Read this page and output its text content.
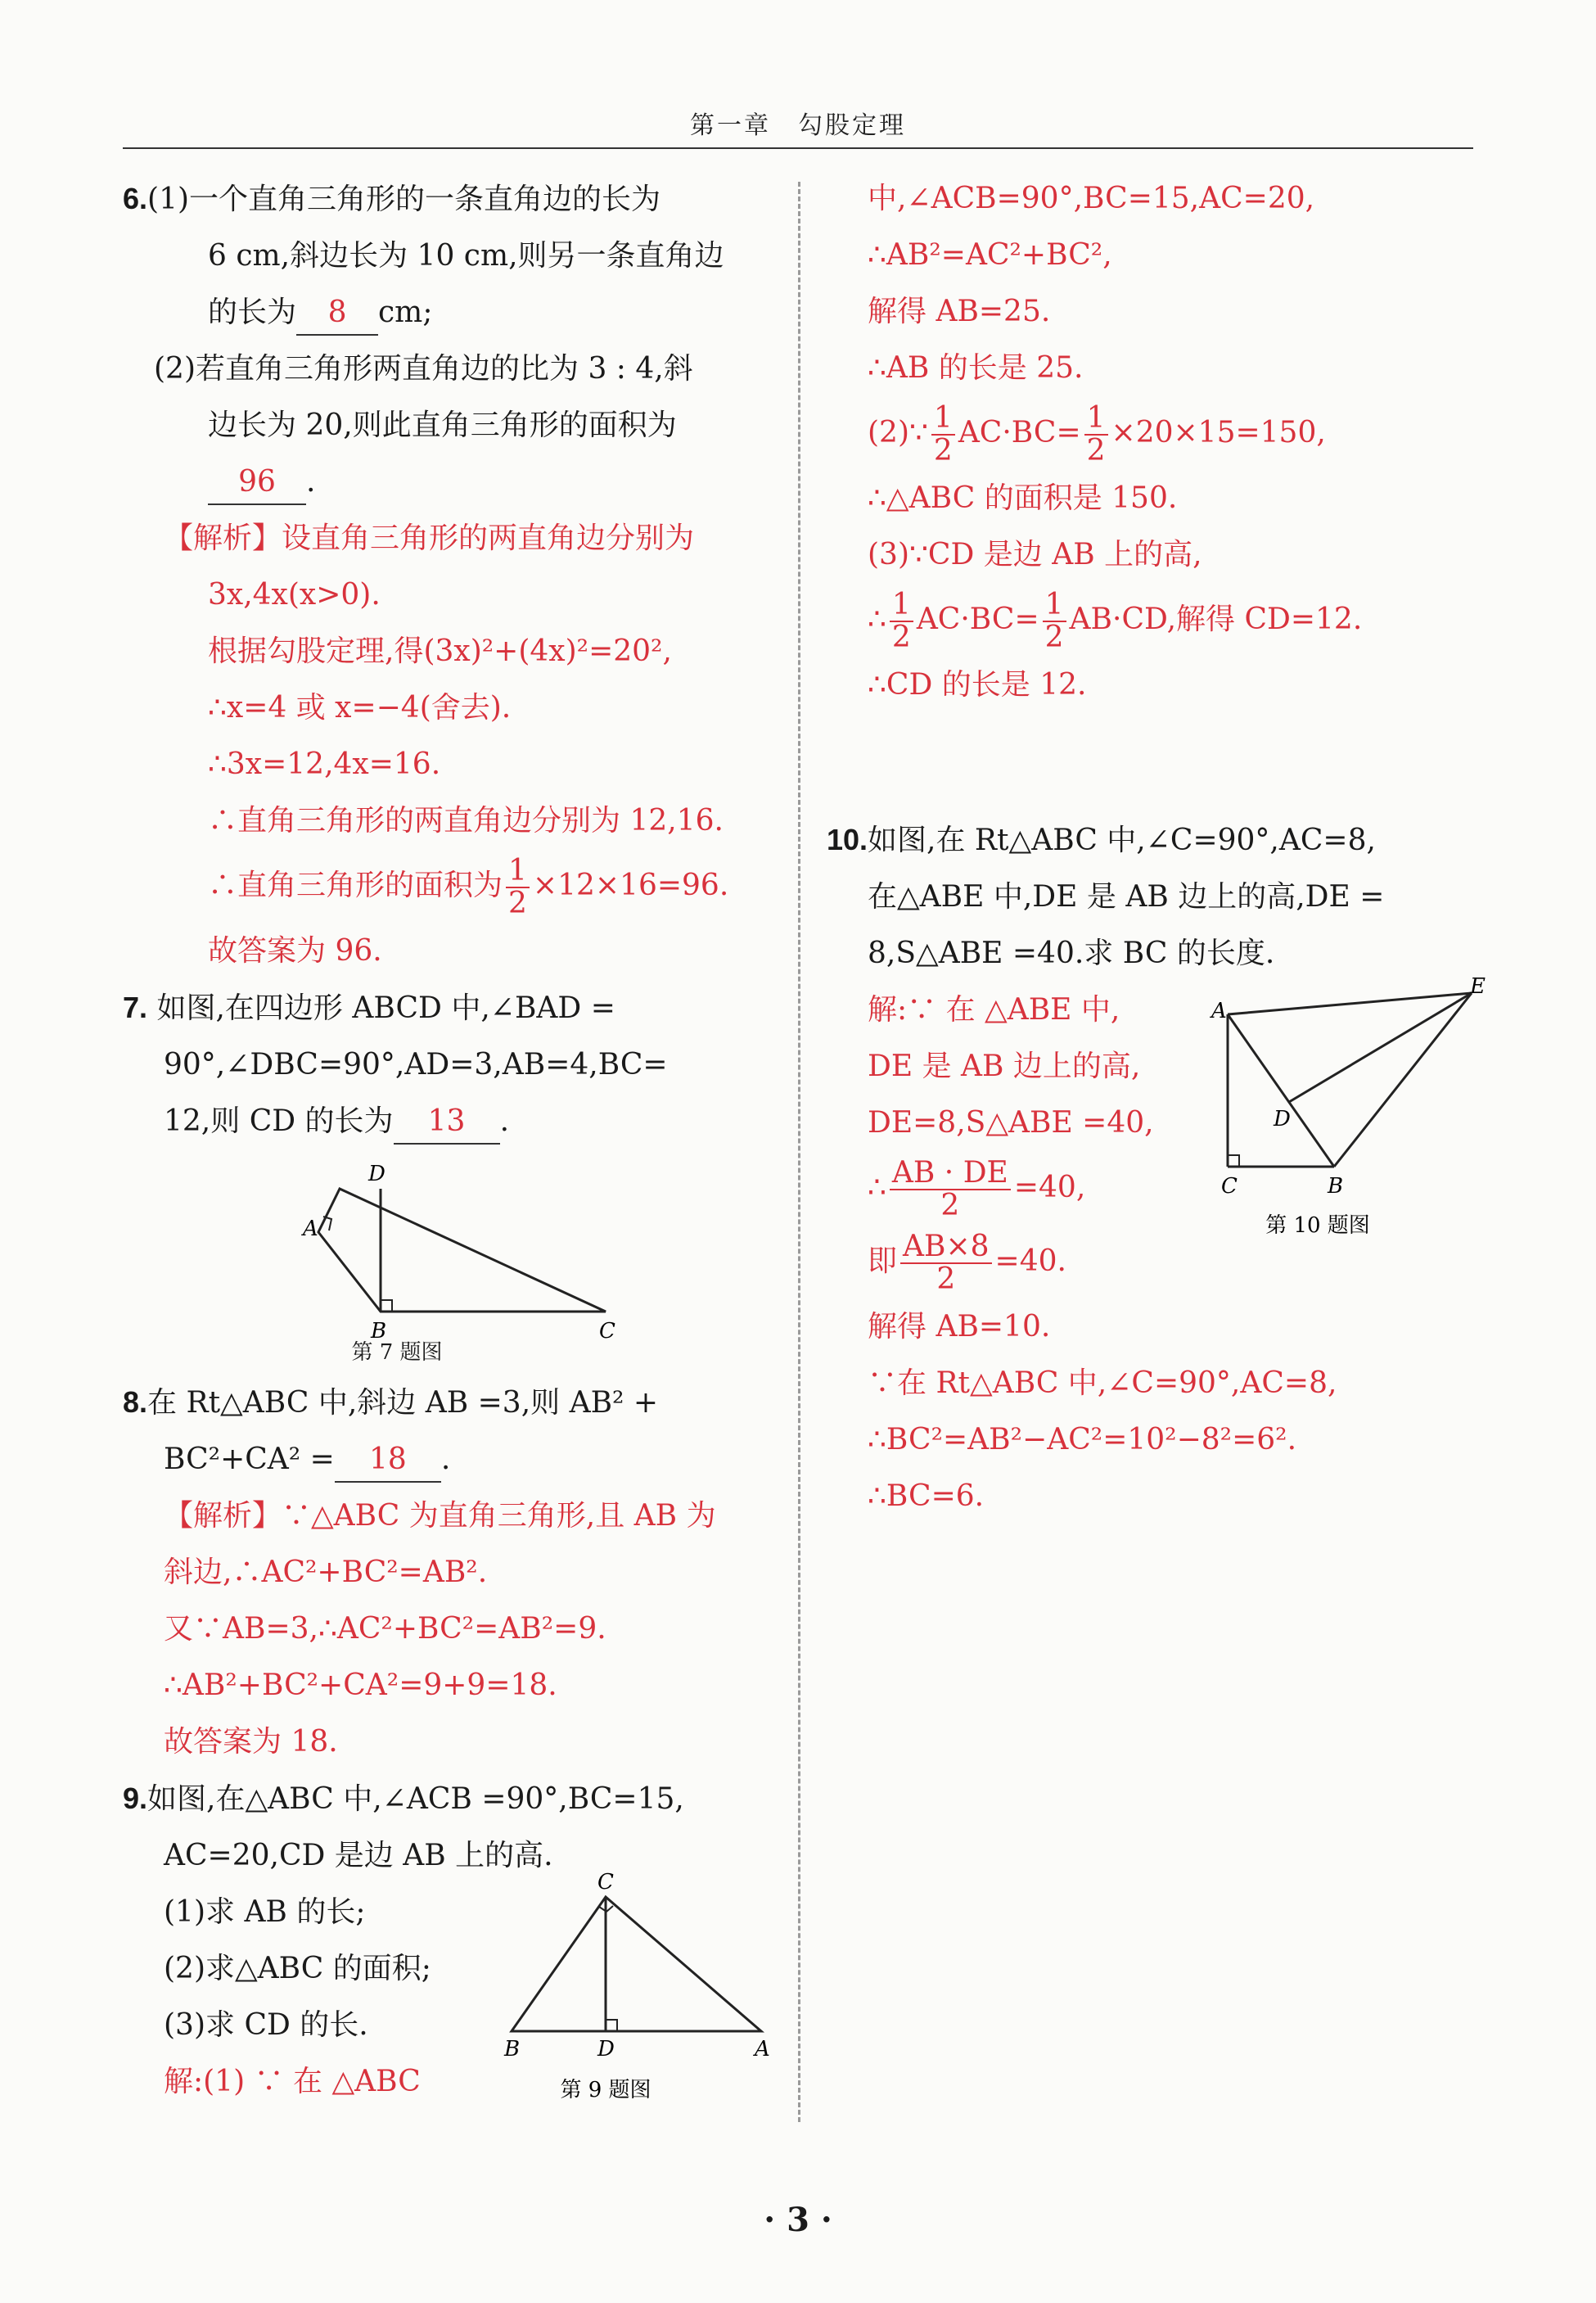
第一章　勾股定理
6.(1)一个直角三角形的一条直角边的长为
6 cm,斜边长为 10 cm,则另一条直角边
的长为 8 cm;
(2)若直角三角形两直角边的比为 3 : 4,斜
边长为 20,则此直角三角形的面积为
96 .
【解析】设直角三角形的两直角边分别为
3x,4x(x>0).
根据勾股定理,得(3x)²+(4x)²=20²,
∴x=4 或 x=−4(舍去).
∴3x=12,4x=16.
∴直角三角形的两直角边分别为 12,16.
∴直角三角形的面积为 $\frac{1}{2} \times 12\times 16=96$.
故答案为 96.
7. 如图,在四边形 ABCD 中,∠BAD =
90°,∠DBC=90°,AD=3,AB=4,BC=
12,则 CD 的长为 13 .
A
B	C
D
第 7 题图
8.在 Rt△ABC 中,斜边 AB =3,则 AB² +
BC²+CA² = 18 .
【解析】∵△ABC 为直角三角形,且 AB 为
斜边,∴AC²+BC²=AB².
又∵AB=3,∴AC²+BC²=AB²=9.
∴AB²+BC²+CA²=9+9=18.
故答案为 18.
9.如图,在△ABC 中,∠ACB =90°,BC=15,
AC=20,CD 是边 AB 上的高.
(1)求 AB 的长;
(2)求△ABC 的面积;
(3)求 CD 的长.
解:(1) ∵ 在 △ABC
C
B	D	A
第 9 题图
中,∠ACB=90°,BC=15,AC=20,
∴AB²=AC²+BC²,
解得 AB=25.
∴AB 的长是 25.
(2)∵ $\frac{1}{2} AC\cdot BC= \frac{1}{2} \times 20\times 15=150$,
∴△ABC 的面积是 150.
(3)∵CD 是边 AB 上的高,
∴ $\frac{1}{2} AC\cdot BC= \frac{1}{2} AB\cdot CD$,解得 CD=12.
∴CD 的长是 12.
10.如图,在 Rt△ABC 中,∠C=90°,AC=8,
在△ABE 中,DE 是 AB 边上的高,DE =
8,S△ABE =40.求 BC 的长度.
解:∵ 在 △ABE 中,
DE 是 AB 边上的高,
DE=8,S△ABE =40,
∴ $\frac{AB \cdot DE}{2} =40$,
即 $\frac{AB\times 8}{2} =40$.
解得 AB=10.
∵在 Rt△ABC 中,∠C=90°,AC=8,
∴BC²=AB²−AC²=10²−8²=6².
∴BC=6.
A
C	B
D
E
第 10 题图
· 3 ·
